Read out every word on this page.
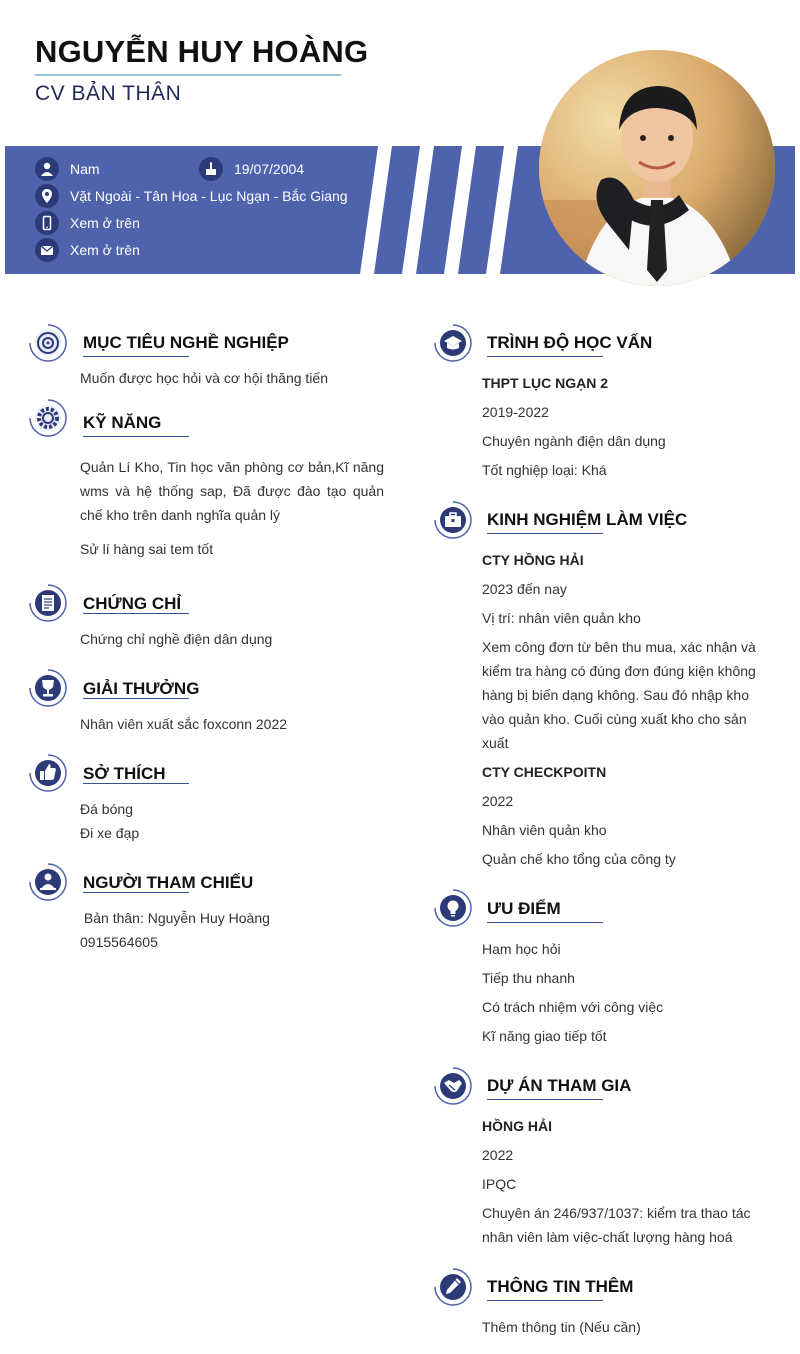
NGUYỄN HUY HOÀNG
CV BẢN THÂN
Nam	19/07/2004
Vặt Ngoài - Tân Hoa - Lục Ngạn - Bắc Giang
Xem ở trên
Xem ở trên
MỤC TIÊU NGHỀ NGHIỆP
Muốn được học hỏi và cơ hội thăng tiến
KỸ NĂNG
Quản Lí Kho, Tin học văn phòng cơ bản,Kĩ năng wms và hệ thống sap, Đã được đào tạo quản chế kho trên danh nghĩa quản lý
Sử lí hàng sai tem tốt
CHỨNG CHỈ
Chứng chỉ nghề điện dân dụng
GIẢI THƯỞNG
Nhân viên xuất sắc foxconn 2022
SỞ THÍCH
Đá bóng
Đi xe đạp
NGƯỜI THAM CHIẾU
Bản thân: Nguyễn Huy Hoàng
0915564605
TRÌNH ĐỘ HỌC VẤN
THPT LỤC NGẠN 2
2019-2022
Chuyên ngành điện dân dụng
Tốt nghiệp loại: Khá
KINH NGHIỆM LÀM VIỆC
CTY HỒNG HẢI
2023 đến nay
Vị trí: nhân viên quản kho
Xem công đơn từ bên thu mua, xác nhận và kiểm tra hàng có đúng đơn đúng kiện không hàng bị biến dạng không. Sau đó nhập kho vào quản kho. Cuối cùng xuất kho cho sản xuất
CTY CHECKPOITN
2022
Nhân viên quản kho
Quản chế kho tổng của công ty
ƯU ĐIỂM
Ham học hỏi
Tiếp thu nhanh
Có trách nhiệm với công việc
Kĩ năng giao tiếp tốt
DỰ ÁN THAM GIA
HỒNG HẢI
2022
IPQC
Chuyên án 246/937/1037: kiểm tra thao tác nhân viên làm việc-chất lượng hàng hoá
THÔNG TIN THÊM
Thêm thông tin (Nếu cần)
